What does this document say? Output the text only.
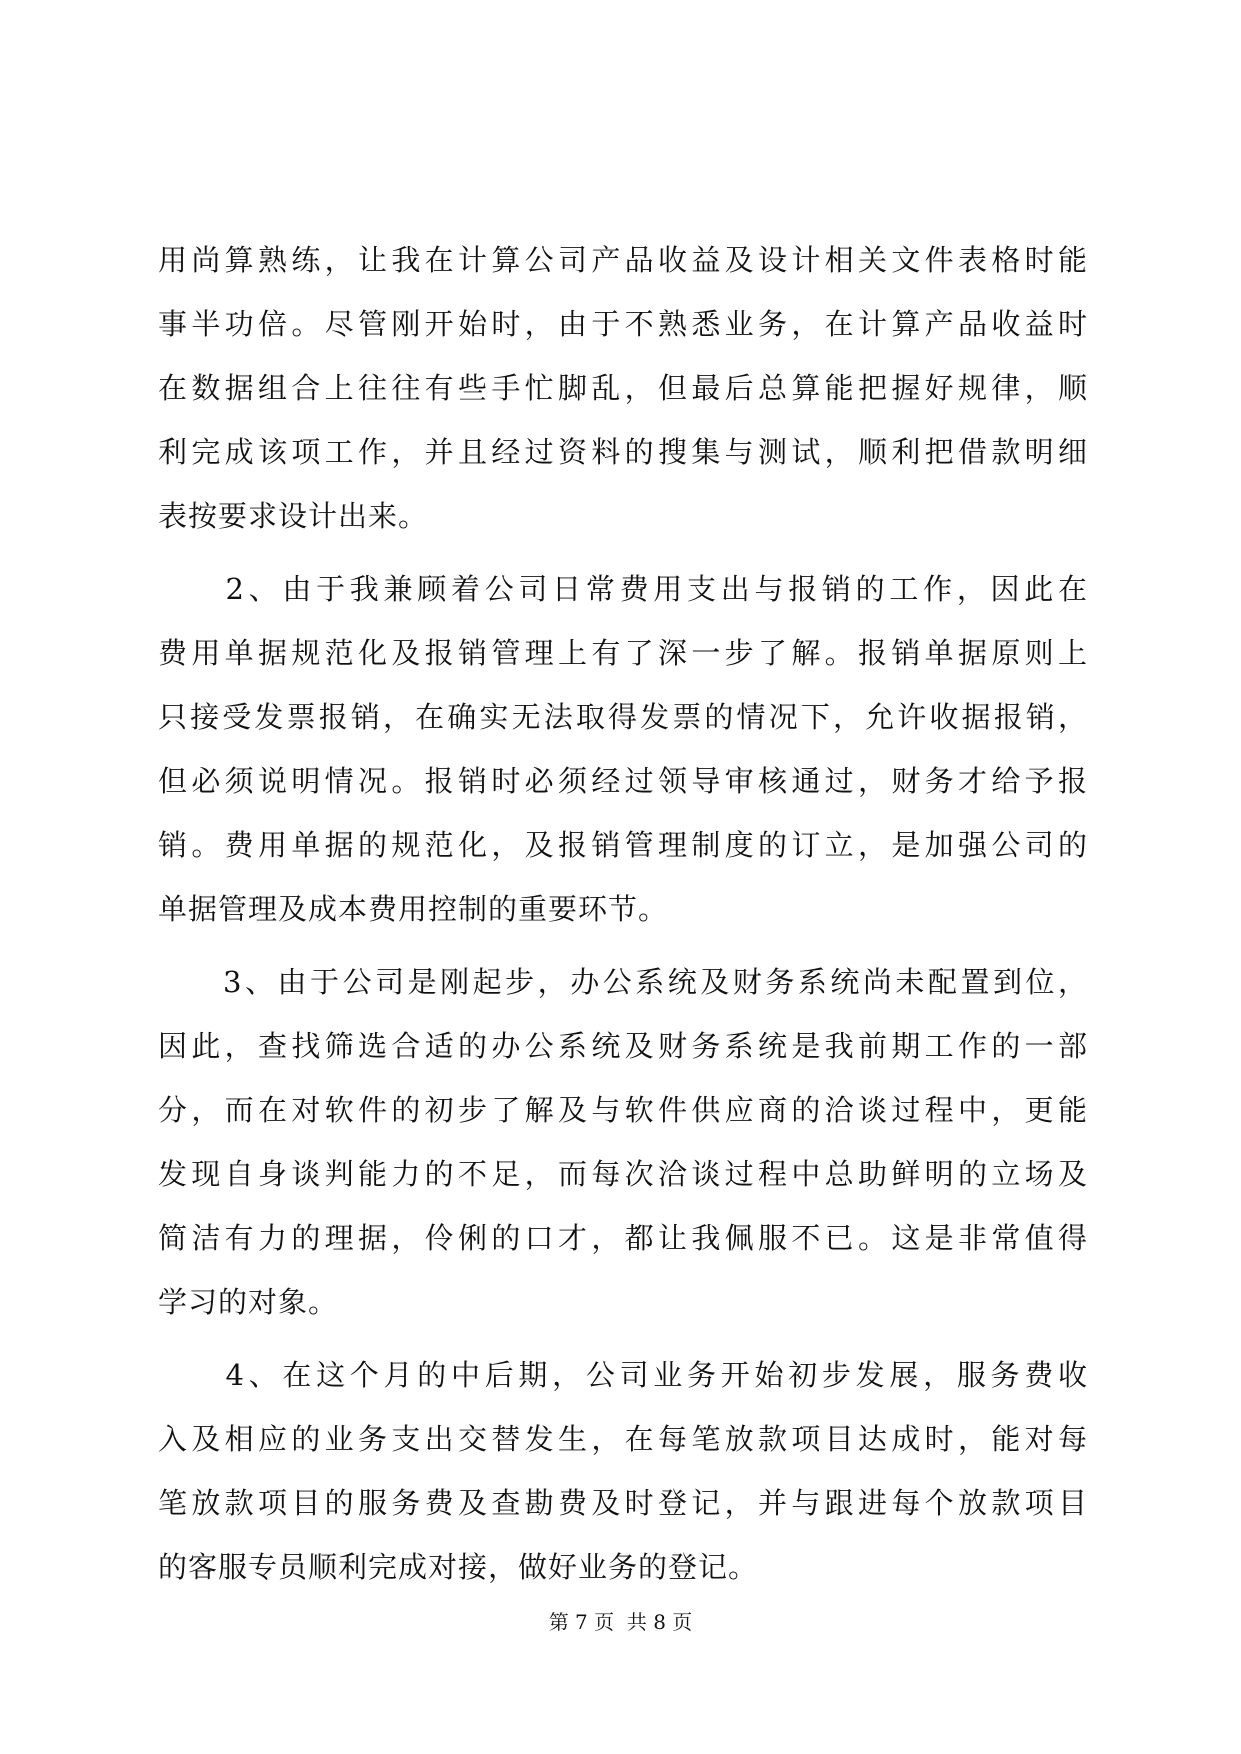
用尚算熟练，让我在计算公司产品收益及设计相关文件表格时能
事半功倍。尽管刚开始时，由于不熟悉业务，在计算产品收益时
在数据组合上往往有些手忙脚乱，但最后总算能把握好规律，顺
利完成该项工作，并且经过资料的搜集与测试，顺利把借款明细
表按要求设计出来。
　　2、由于我兼顾着公司日常费用支出与报销的工作，因此在
费用单据规范化及报销管理上有了深一步了解。报销单据原则上
只接受发票报销，在确实无法取得发票的情况下，允许收据报销，
但必须说明情况。报销时必须经过领导审核通过，财务才给予报
销。费用单据的规范化，及报销管理制度的订立，是加强公司的
单据管理及成本费用控制的重要环节。
　　3、由于公司是刚起步，办公系统及财务系统尚未配置到位，
因此，查找筛选合适的办公系统及财务系统是我前期工作的一部
分，而在对软件的初步了解及与软件供应商的洽谈过程中，更能
发现自身谈判能力的不足，而每次洽谈过程中总助鲜明的立场及
简洁有力的理据，伶俐的口才，都让我佩服不已。这是非常值得
学习的对象。
　　4、在这个月的中后期，公司业务开始初步发展，服务费收
入及相应的业务支出交替发生，在每笔放款项目达成时，能对每
笔放款项目的服务费及查勘费及时登记，并与跟进每个放款项目
的客服专员顺利完成对接，做好业务的登记。
第 7 页  共 8 页
